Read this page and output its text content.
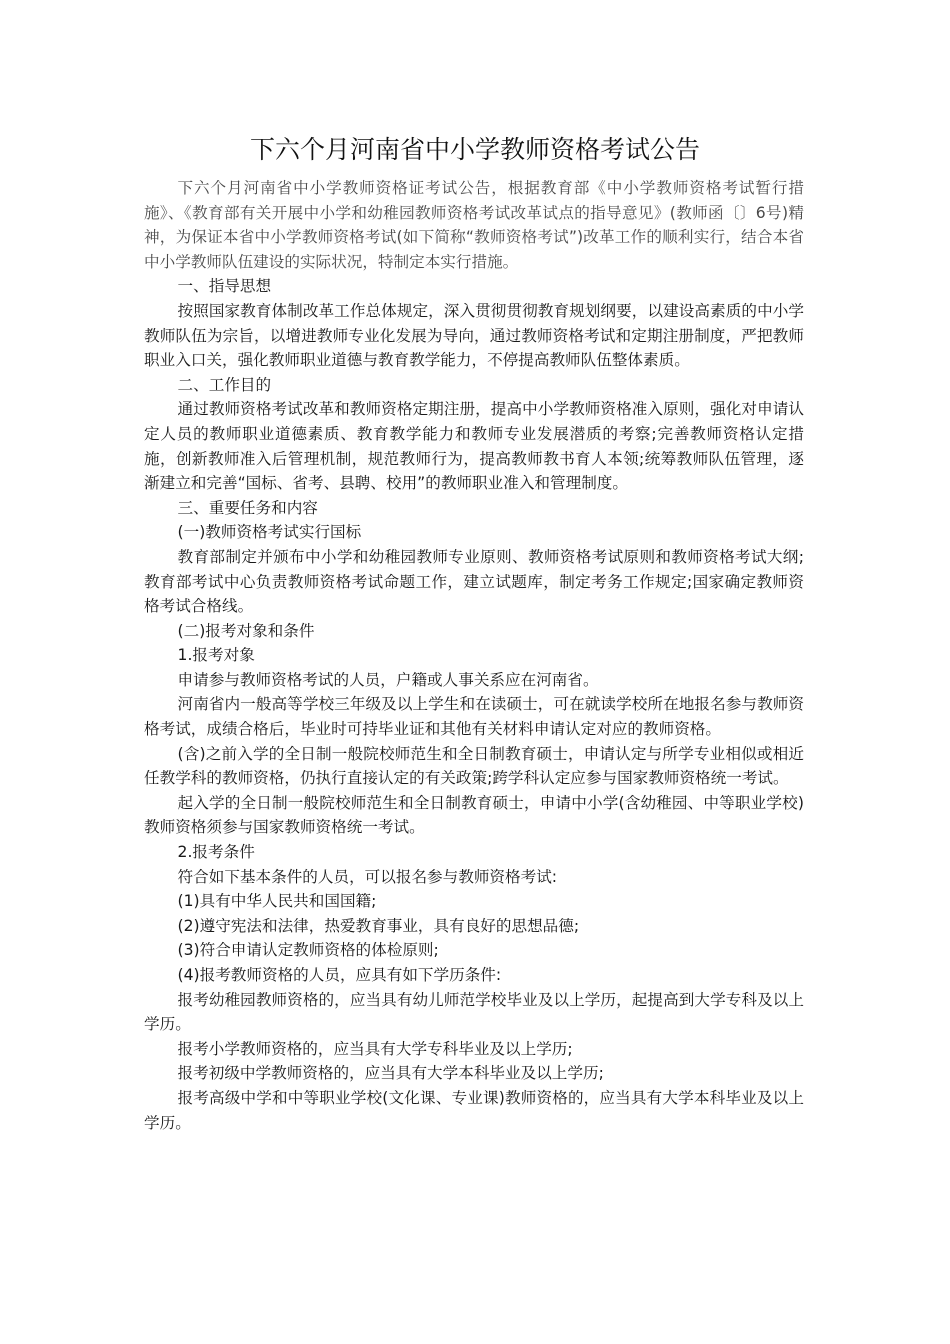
下六个月河南省中小学教师资格考试公告

下六个月河南省中小学教师资格证考试公告，根据教育部《中小学教师资格考试暂行措施》、《教育部有关开展中小学和幼稚园教师资格考试改革试点的指导意见》(教师函〔〕6号)精神，为保证本省中小学教师资格考试(如下简称“教师资格考试”)改革工作的顺利实行，结合本省中小学教师队伍建设的实际状况，特制定本实行措施。

一、指导思想

按照国家教育体制改革工作总体规定，深入贯彻贯彻教育规划纲要，以建设高素质的中小学教师队伍为宗旨，以增进教师专业化发展为导向，通过教师资格考试和定期注册制度，严把教师职业入口关，强化教师职业道德与教育教学能力，不停提高教师队伍整体素质。

二、工作目的

通过教师资格考试改革和教师资格定期注册，提高中小学教师资格准入原则，强化对申请认定人员的教师职业道德素质、教育教学能力和教师专业发展潜质的考察;完善教师资格认定措施，创新教师准入后管理机制，规范教师行为，提高教师教书育人本领;统筹教师队伍管理，逐渐建立和完善“国标、省考、县聘、校用”的教师职业准入和管理制度。

三、重要任务和内容

(一)教师资格考试实行国标

教育部制定并颁布中小学和幼稚园教师专业原则、教师资格考试原则和教师资格考试大纲;教育部考试中心负责教师资格考试命题工作，建立试题库，制定考务工作规定;国家确定教师资格考试合格线。

(二)报考对象和条件

1.报考对象

申请参与教师资格考试的人员，户籍或人事关系应在河南省。

河南省内一般高等学校三年级及以上学生和在读硕士，可在就读学校所在地报名参与教师资格考试，成绩合格后，毕业时可持毕业证和其他有关材料申请认定对应的教师资格。

(含)之前入学的全日制一般院校师范生和全日制教育硕士，申请认定与所学专业相似或相近任教学科的教师资格，仍执行直接认定的有关政策;跨学科认定应参与国家教师资格统一考试。

起入学的全日制一般院校师范生和全日制教育硕士，申请中小学(含幼稚园、中等职业学校)教师资格须参与国家教师资格统一考试。

2.报考条件

符合如下基本条件的人员，可以报名参与教师资格考试:

(1)具有中华人民共和国国籍;

(2)遵守宪法和法律，热爱教育事业，具有良好的思想品德;

(3)符合申请认定教师资格的体检原则;

(4)报考教师资格的人员，应具有如下学历条件:

报考幼稚园教师资格的，应当具有幼儿师范学校毕业及以上学历，起提高到大学专科及以上学历。

报考小学教师资格的，应当具有大学专科毕业及以上学历;

报考初级中学教师资格的，应当具有大学本科毕业及以上学历;

报考高级中学和中等职业学校(文化课、专业课)教师资格的，应当具有大学本科毕业及以上学历。
